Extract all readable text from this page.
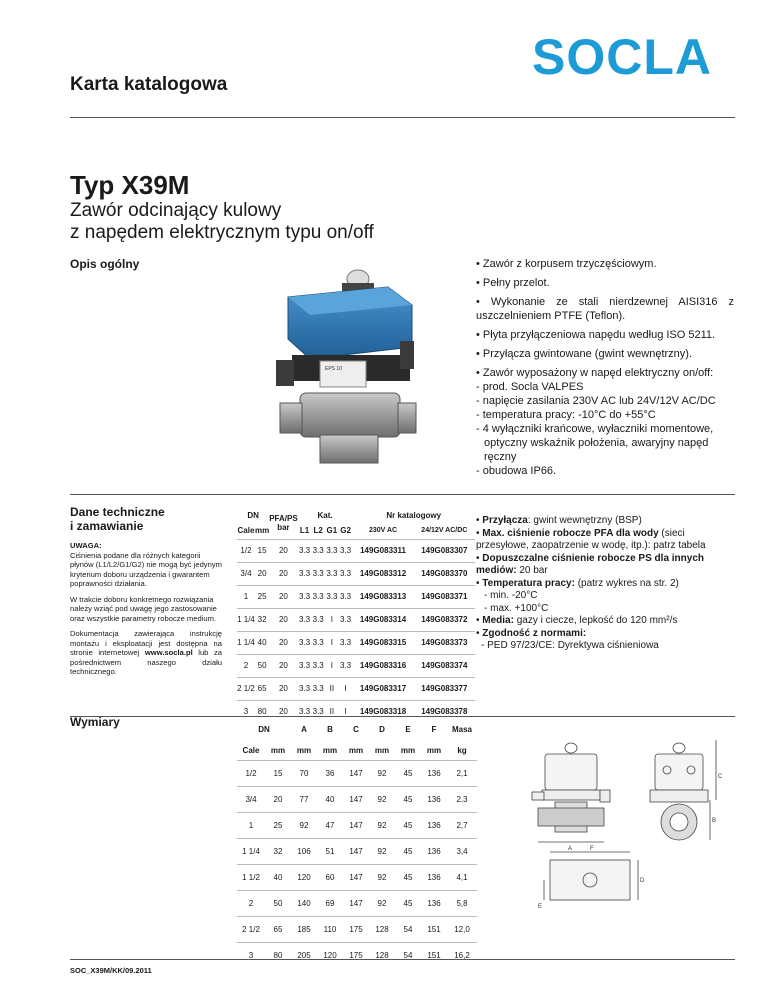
SOCLA
Karta katalogowa
Typ X39M
Zawór odcinający kulowy
z napędem elektrycznym typu on/off
Opis ogólny
EPS 10

• Zawór z korpusem trzyczęściowym.

• Pełny przelot.

• Wykonanie ze stali nierdzewnej AISI316 z uszczelnieniem PTFE (Teflon).

• Płyta przyłączeniowa napędu według ISO 5211.

• Przyłącza gwintowane (gwint wewnętrzny).

• Zawór wyposażony w napęd elektryczny on/off:

- prod. Socla VALPES

- napięcie zasilania 230V AC lub 24V/12V AC/DC

- temperatura pracy: -10°C do +55°C

- 4 wyłączniki krańcowe, wyłaczniki momentowe,

optyczny wskaźnik położenia, awaryjny napęd

ręczny

- obudowa IP66.

Dane techniczne
i zamawianie

UWAGA:
Ciśnienia podane dla różnych kategorii płynów (L1/L2/G1/G2) nie mogą być jedynym kryterium doboru urządzenia i gwarantem poprawności działania.

W trakcie doboru konkretnego rozwiązania należy wziąć pod uwagę jego zastosowanie oraz wszystkie parametry robocze medium.

Dokumentacja zawierająca instrukcję montażu i eksploatacji jest dostępna na stronie internetowej www.socla.pl lub za pośrednictwem naszego działu technicznego.

DN		PFA/PS
bar	Kat.				Nr katalogowy	
Cale	mm		L1	L2	G1	G2	230V AC	24/12V AC/DC
1/2	15	20	3.3	3.3	3.3	3.3	149G083311	149G083307
3/4	20	20	3.3	3.3	3.3	3.3	149G083312	149G083370
1	25	20	3.3	3.3	3.3	3.3	149G083313	149G083371
1 1/4	32	20	3.3	3.3	I	3.3	149G083314	149G083372
1 1/4	40	20	3.3	3.3	I	3.3	149G083315	149G083373
2	50	20	3.3	3.3	I	3.3	149G083316	149G083374
2 1/2	65	20	3.3	3.3	II	I	149G083317	149G083377
3	80	20	3.3	3.3	II	I	149G083318	149G083378

• Przyłącza: gwint wewnętrzny (BSP)

• Max. ciśnienie robocze PFA dla wody (sieci przesyłowe, zaopatrzenie w wodę, itp.): patrz tabela

• Dopuszczalne ciśnienie robocze PS dla innych mediów: 20 bar

• Temperatura pracy: (patrz wykres na str. 2)

- min. -20°C

- max. +100°C

• Media: gazy i ciecze, lepkość do 120 mm²/s

• Zgodność z normami:

- PED 97/23/CE: Dyrektywa ciśnieniowa

Wymiary	DN		A	B	C	D	E	F	Masa
Cale	mm	mm	mm	mm	mm	mm	mm	kg
1/2	15	70	36	147	92	45	136	2,1
3/4	20	77	40	147	92	45	136	2,3
1	25	92	47	147	92	45	136	2,7
1 1/4	32	106	51	147	92	45	136	3,4
1 1/2	40	120	60	147	92	45	136	4,1
2	50	140	69	147	92	45	136	5,8
2 1/2	65	185	110	175	128	54	151	12,0
3	80	205	120	175	128	54	151	16,2
A
C
B
F
D
E
SOC_X39M/KK/09.2011
